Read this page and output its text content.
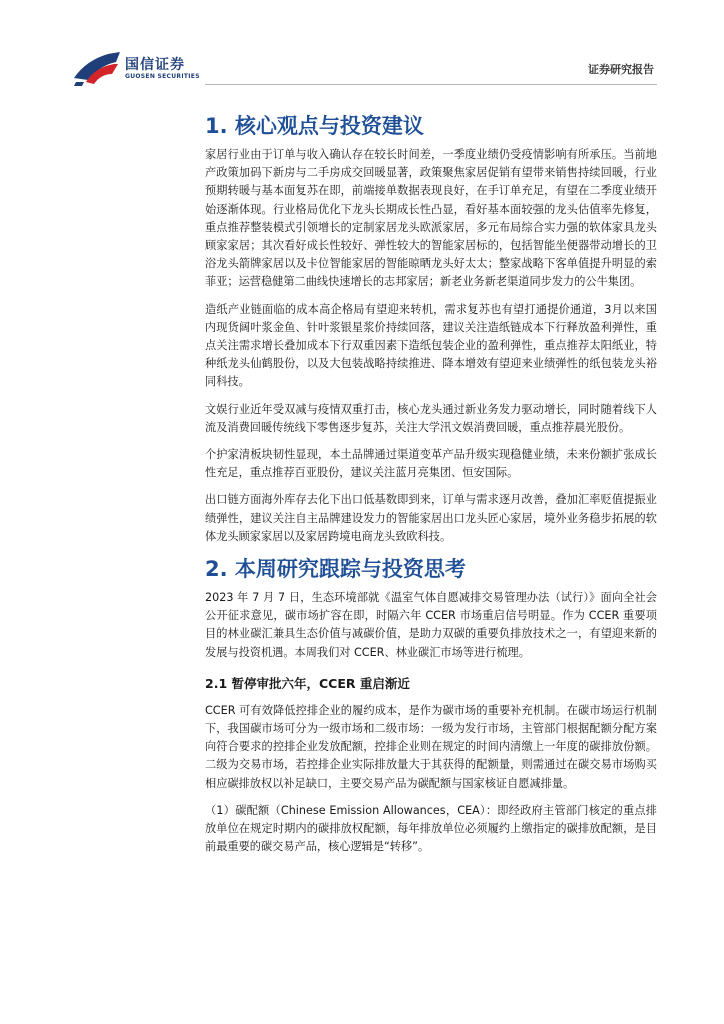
国信证券
GUOSEN SECURITIES
证券研究报告
1. 核心观点与投资建议

家居行业由于订单与收入确认存在较长时间差，一季度业绩仍受疫情影响有所承压。当前地产政策加码下新房与二手房成交回暖显著，政策聚焦家居促销有望带来销售持续回暖，行业预期转暖与基本面复苏在即，前端接单数据表现良好，在手订单充足，有望在二季度业绩开始逐渐体现。行业格局优化下龙头长期成长性凸显，看好基本面较强的龙头估值率先修复，重点推荐整装模式引领增长的定制家居龙头欧派家居，多元布局综合实力强的软体家具龙头顾家家居；其次看好成长性较好、弹性较大的智能家居标的，包括智能坐便器带动增长的卫浴龙头箭牌家居以及卡位智能家居的智能晾晒龙头好太太；整家战略下客单值提升明显的索菲亚；运营稳健第二曲线快速增长的志邦家居；新老业务新老渠道同步发力的公牛集团。

造纸产业链面临的成本高企格局有望迎来转机，需求复苏也有望打通提价通道，3月以来国内现货阔叶浆金鱼、针叶浆银星浆价持续回落，建议关注造纸链成本下行释放盈利弹性，重点关注需求增长叠加成本下行双重因素下造纸包装企业的盈利弹性，重点推荐太阳纸业，特种纸龙头仙鹤股份，以及大包装战略持续推进、降本增效有望迎来业绩弹性的纸包装龙头裕同科技。

文娱行业近年受双减与疫情双重打击，核心龙头通过新业务发力驱动增长，同时随着线下人流及消费回暖传统线下零售逐步复苏，关注大学汛文娱消费回暖，重点推荐晨光股份。

个护家清板块韧性显现，本土品牌通过渠道变革产品升级实现稳健业绩，未来份额扩张成长性充足，重点推荐百亚股份，建议关注蓝月亮集团、恒安国际。

出口链方面海外库存去化下出口低基数即到来，订单与需求逐月改善，叠加汇率贬值提振业绩弹性，建议关注自主品牌建设发力的智能家居出口龙头匠心家居，境外业务稳步拓展的软体龙头顾家家居以及家居跨境电商龙头致欧科技。

2. 本周研究跟踪与投资思考

2023 年 7 月 7 日，生态环境部就《温室气体自愿减排交易管理办法（试行）》面向全社会公开征求意见，碳市场扩容在即，时隔六年 CCER 市场重启信号明显。作为 CCER 重要项目的林业碳汇兼具生态价值与减碳价值，是助力双碳的重要负排放技术之一，有望迎来新的发展与投资机遇。本周我们对 CCER、林业碳汇市场等进行梳理。

2.1 暂停审批六年，CCER 重启渐近

CCER 可有效降低控排企业的履约成本，是作为碳市场的重要补充机制。在碳市场运行机制下，我国碳市场可分为一级市场和二级市场：一级为发行市场，主管部门根据配额分配方案向符合要求的控排企业发放配额，控排企业则在规定的时间内清缴上一年度的碳排放份额。二级为交易市场，若控排企业实际排放量大于其获得的配额量，则需通过在碳交易市场购买相应碳排放权以补足缺口，主要交易产品为碳配额与国家核证自愿减排量。

（1）碳配额（Chinese Emission Allowances，CEA）：即经政府主管部门核定的重点排放单位在规定时期内的碳排放权配额，每年排放单位必须履约上缴指定的碳排放配额，是目前最重要的碳交易产品，核心逻辑是“转移”。
